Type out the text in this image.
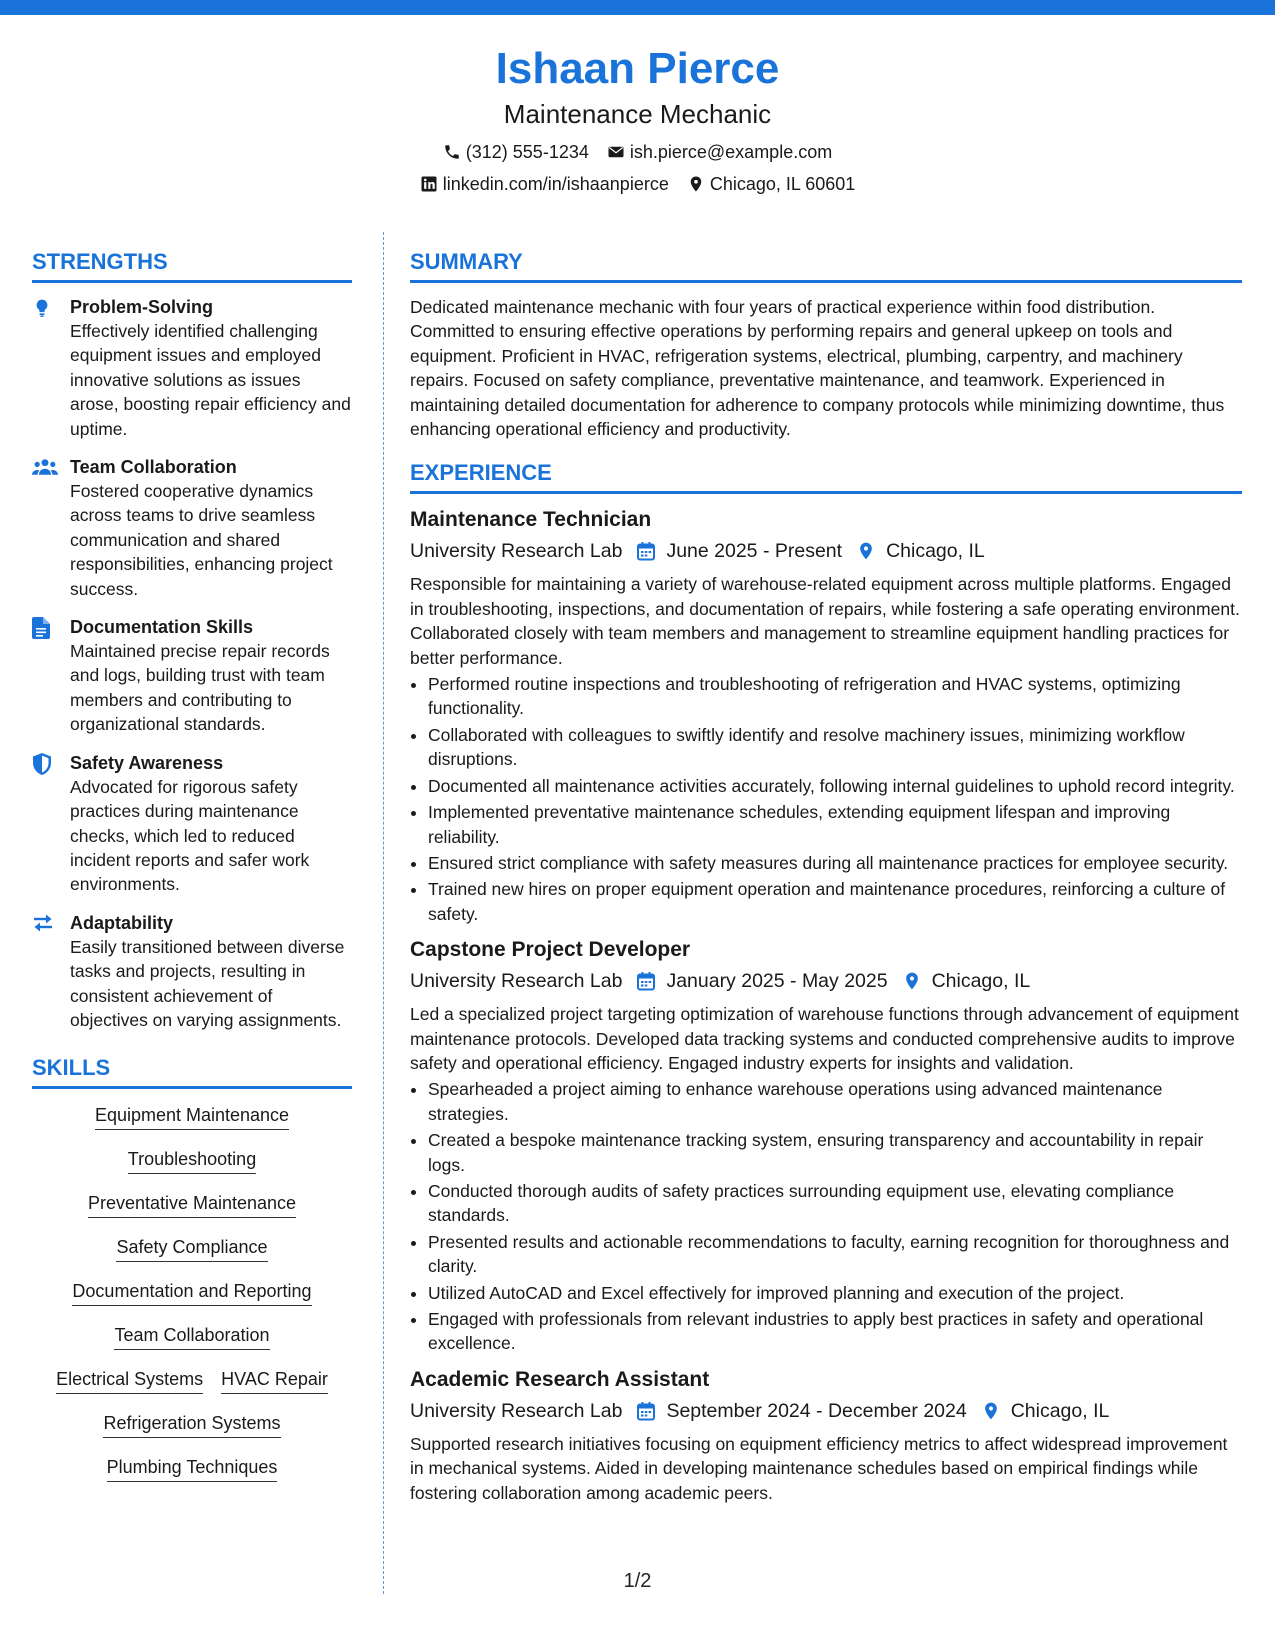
Ishaan Pierce
Maintenance Mechanic
(312) 555-1234 ish.pierce@example.com
linkedin.com/in/ishaanpierce Chicago, IL 60601
STRENGTHS
Problem-Solving
Effectively identified challenging equipment issues and employed innovative solutions as issues arose, boosting repair efficiency and uptime.
Team Collaboration
Fostered cooperative dynamics across teams to drive seamless communication and shared responsibilities, enhancing project success.
Documentation Skills
Maintained precise repair records and logs, building trust with team members and contributing to organizational standards.
Safety Awareness
Advocated for rigorous safety practices during maintenance checks, which led to reduced incident reports and safer work environments.
Adaptability
Easily transitioned between diverse tasks and projects, resulting in consistent achievement of objectives on varying assignments.
SKILLS
Equipment Maintenance
Troubleshooting
Preventative Maintenance
Safety Compliance
Documentation and Reporting
Team Collaboration
Electrical Systems HVAC Repair
Refrigeration Systems
Plumbing Techniques
SUMMARY
Dedicated maintenance mechanic with four years of practical experience within food distribution. Committed to ensuring effective operations by performing repairs and general upkeep on tools and equipment. Proficient in HVAC, refrigeration systems, electrical, plumbing, carpentry, and machinery repairs. Focused on safety compliance, preventative maintenance, and teamwork. Experienced in maintaining detailed documentation for adherence to company protocols while minimizing downtime, thus enhancing operational efficiency and productivity.
EXPERIENCE
Maintenance Technician
University Research Lab June 2025 - Present Chicago, IL
Responsible for maintaining a variety of warehouse-related equipment across multiple platforms. Engaged in troubleshooting, inspections, and documentation of repairs, while fostering a safe operating environment. Collaborated closely with team members and management to streamline equipment handling practices for better performance.
• Performed routine inspections and troubleshooting of refrigeration and HVAC systems, optimizing functionality.
• Collaborated with colleagues to swiftly identify and resolve machinery issues, minimizing workflow disruptions.
• Documented all maintenance activities accurately, following internal guidelines to uphold record integrity.
• Implemented preventative maintenance schedules, extending equipment lifespan and improving reliability.
• Ensured strict compliance with safety measures during all maintenance practices for employee security.
• Trained new hires on proper equipment operation and maintenance procedures, reinforcing a culture of safety.
Capstone Project Developer
University Research Lab January 2025 - May 2025 Chicago, IL
Led a specialized project targeting optimization of warehouse functions through advancement of equipment maintenance protocols. Developed data tracking systems and conducted comprehensive audits to improve safety and operational efficiency. Engaged industry experts for insights and validation.
• Spearheaded a project aiming to enhance warehouse operations using advanced maintenance strategies.
• Created a bespoke maintenance tracking system, ensuring transparency and accountability in repair logs.
• Conducted thorough audits of safety practices surrounding equipment use, elevating compliance standards.
• Presented results and actionable recommendations to faculty, earning recognition for thoroughness and clarity.
• Utilized AutoCAD and Excel effectively for improved planning and execution of the project.
• Engaged with professionals from relevant industries to apply best practices in safety and operational excellence.
Academic Research Assistant
University Research Lab September 2024 - December 2024 Chicago, IL
Supported research initiatives focusing on equipment efficiency metrics to affect widespread improvement in mechanical systems. Aided in developing maintenance schedules based on empirical findings while fostering collaboration among academic peers.
1/2
